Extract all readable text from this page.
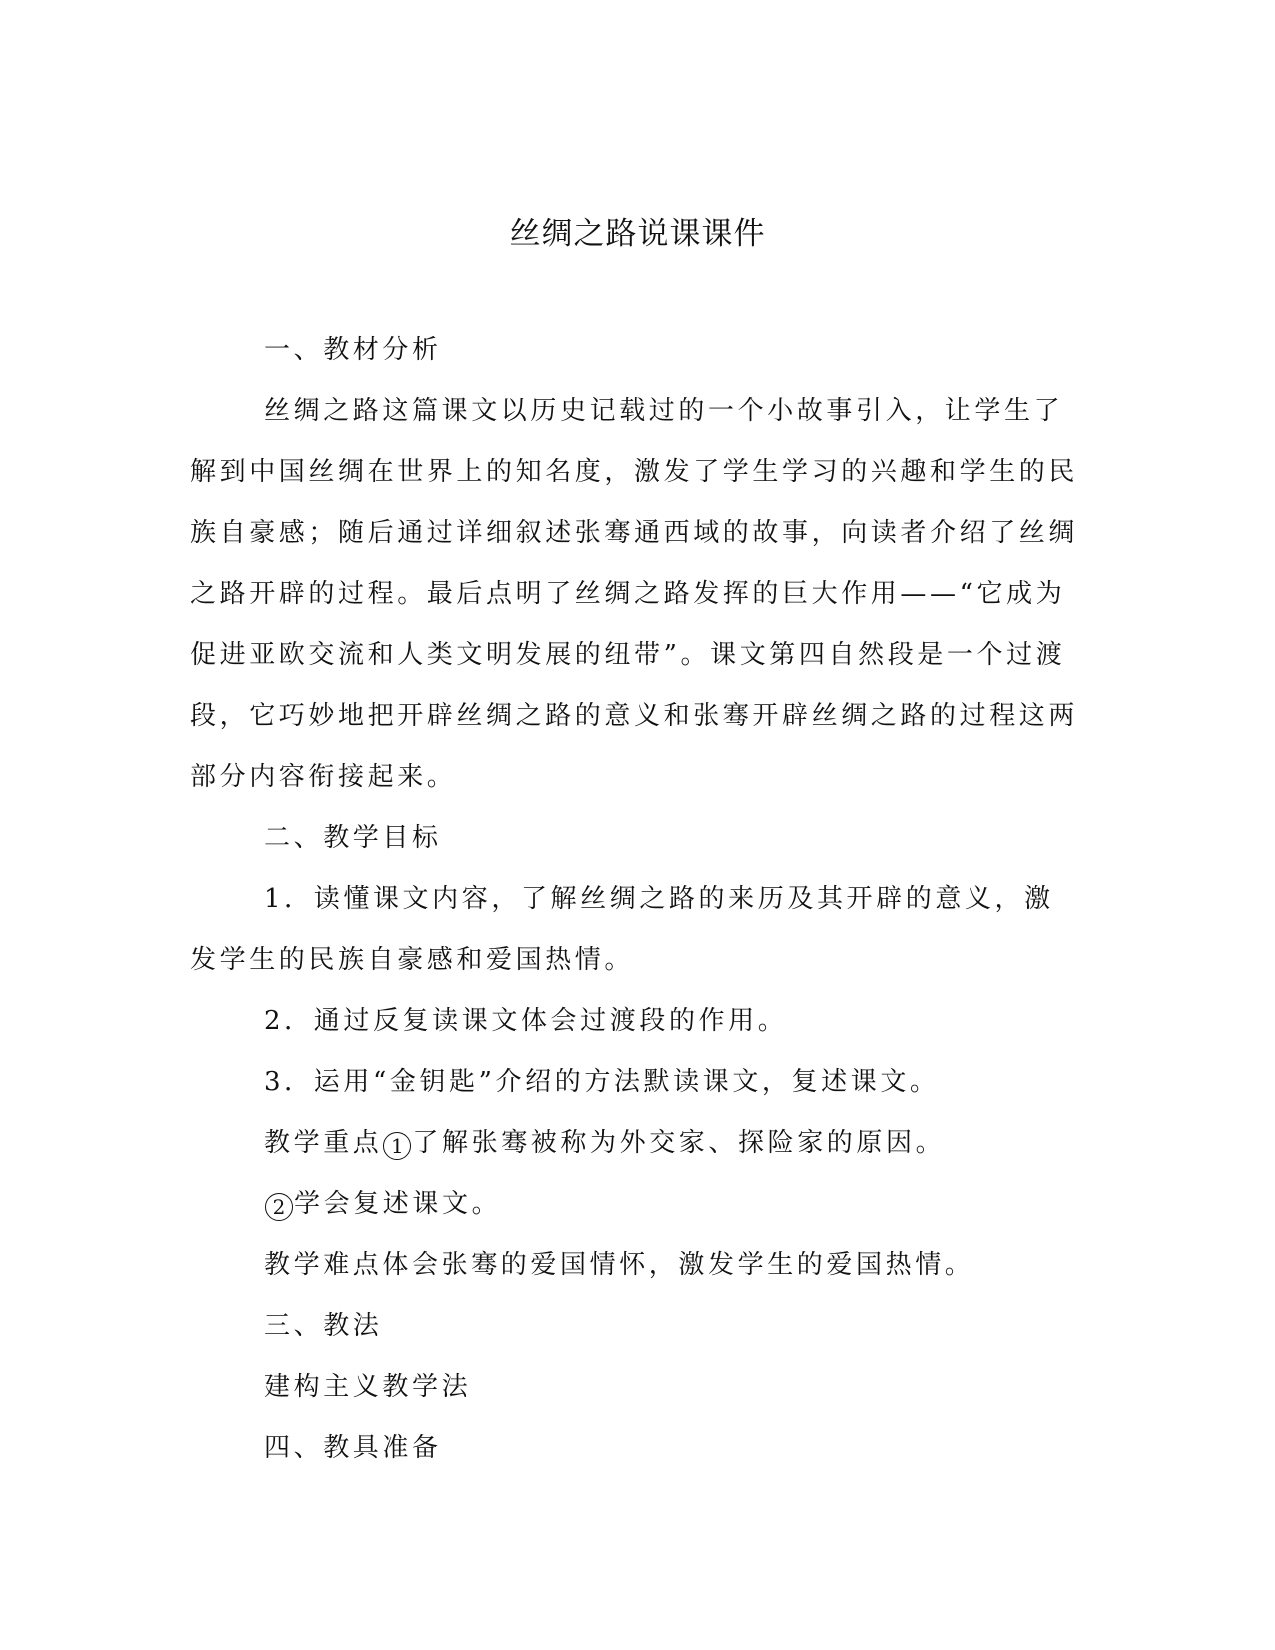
丝绸之路说课课件

一、教材分析

丝绸之路这篇课文以历史记载过的一个小故事引入，让学生了解到中国丝绸在世界上的知名度，激发了学生学习的兴趣和学生的民族自豪感；随后通过详细叙述张骞通西域的故事，向读者介绍了丝绸之路开辟的过程。最后点明了丝绸之路发挥的巨大作用——“它成为促进亚欧交流和人类文明发展的纽带”。课文第四自然段是一个过渡段，它巧妙地把开辟丝绸之路的意义和张骞开辟丝绸之路的过程这两部分内容衔接起来。

二、教学目标

1．读懂课文内容，了解丝绸之路的来历及其开辟的意义，激发学生的民族自豪感和爱国热情。

2．通过反复读课文体会过渡段的作用。

3．运用“金钥匙”介绍的方法默读课文，复述课文。

教学重点 1 了解张骞被称为外交家、探险家的原因。

2 学会复述课文。

教学难点体会张骞的爱国情怀，激发学生的爱国热情。

三、教法

建构主义教学法

四、教具准备
